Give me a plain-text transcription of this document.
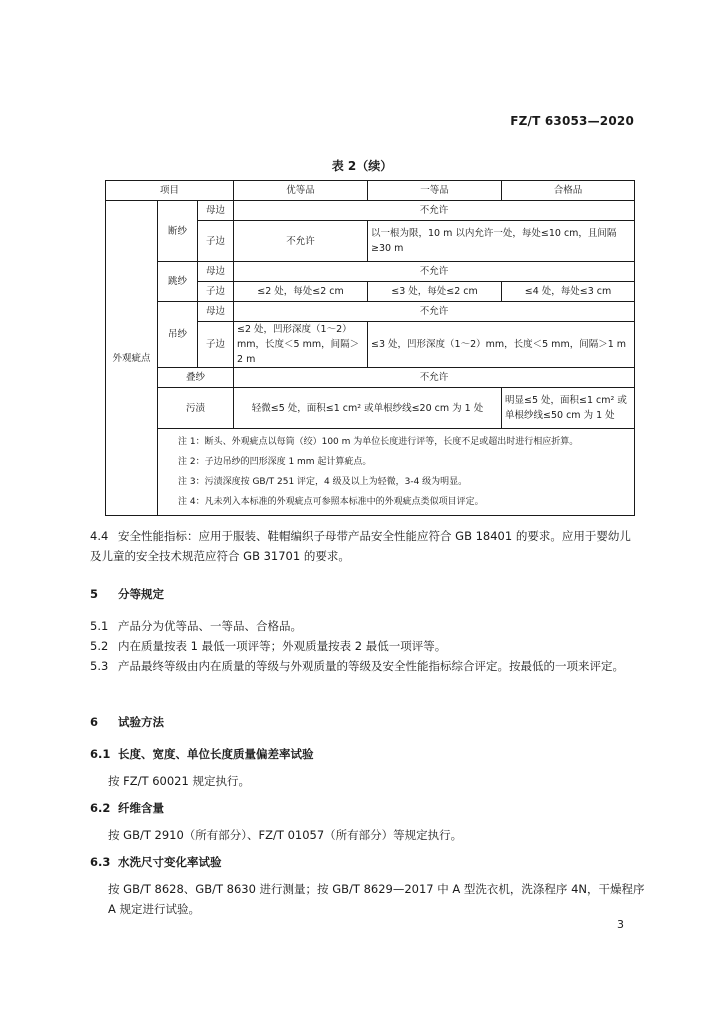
FZ/T 63053—2020
表 2（续）
项目			优等品	一等品	合格品
外观疵点	断纱	母边	不允许		
		子边	不允许	以一根为限，10 m 以内允许一处，每处≤10 cm，且间隔≥30 m	
	跳纱	母边	不允许		
		子边	≤2 处，每处≤2 cm	≤3 处，每处≤2 cm	≤4 处，每处≤3 cm
	吊纱	母边	不允许		
		子边	≤2 处，凹形深度（1～2）mm，长度＜5 mm，间隔＞2 m	≤3 处，凹形深度（1～2）mm，长度＜5 mm，间隔＞1 m	
	叠纱		不允许		
	污渍		轻微≤5 处，面积≤1 cm² 或单根纱线≤20 cm 为 1 处		明显≤5 处，面积≤1 cm² 或单根纱线≤50 cm 为 1 处

	注 1：断头、外观疵点以每筒（绞）100 m 为单位长度进行评等，长度不足或超出时进行相应折算。
注 2：子边吊纱的凹形深度 1 mm 起计算疵点。
注 3：污渍深度按 GB/T 251 评定，4 级及以上为轻微，3-4 级为明显。
注 4：凡未列入本标准的外观疵点可参照本标准中的外观疵点类似项目评定。				
4.4 安全性能指标：应用于服装、鞋帽编织子母带产品安全性能应符合 GB 18401 的要求。应用于婴幼儿及儿童的安全技术规范应符合 GB 31701 的要求。
5 分等规定
5.1 产品分为优等品、一等品、合格品。
5.2 内在质量按表 1 最低一项评等；外观质量按表 2 最低一项评等。
5.3 产品最终等级由内在质量的等级与外观质量的等级及安全性能指标综合评定。按最低的一项来评定。
6 试验方法
6.1 长度、宽度、单位长度质量偏差率试验
按 FZ/T 60021 规定执行。
6.2 纤维含量
按 GB/T 2910（所有部分）、FZ/T 01057（所有部分）等规定执行。
6.3 水洗尺寸变化率试验
按 GB/T 8628、GB/T 8630 进行测量；按 GB/T 8629—2017 中 A 型洗衣机，洗涤程序 4N，干燥程序 A 规定进行试验。
3
